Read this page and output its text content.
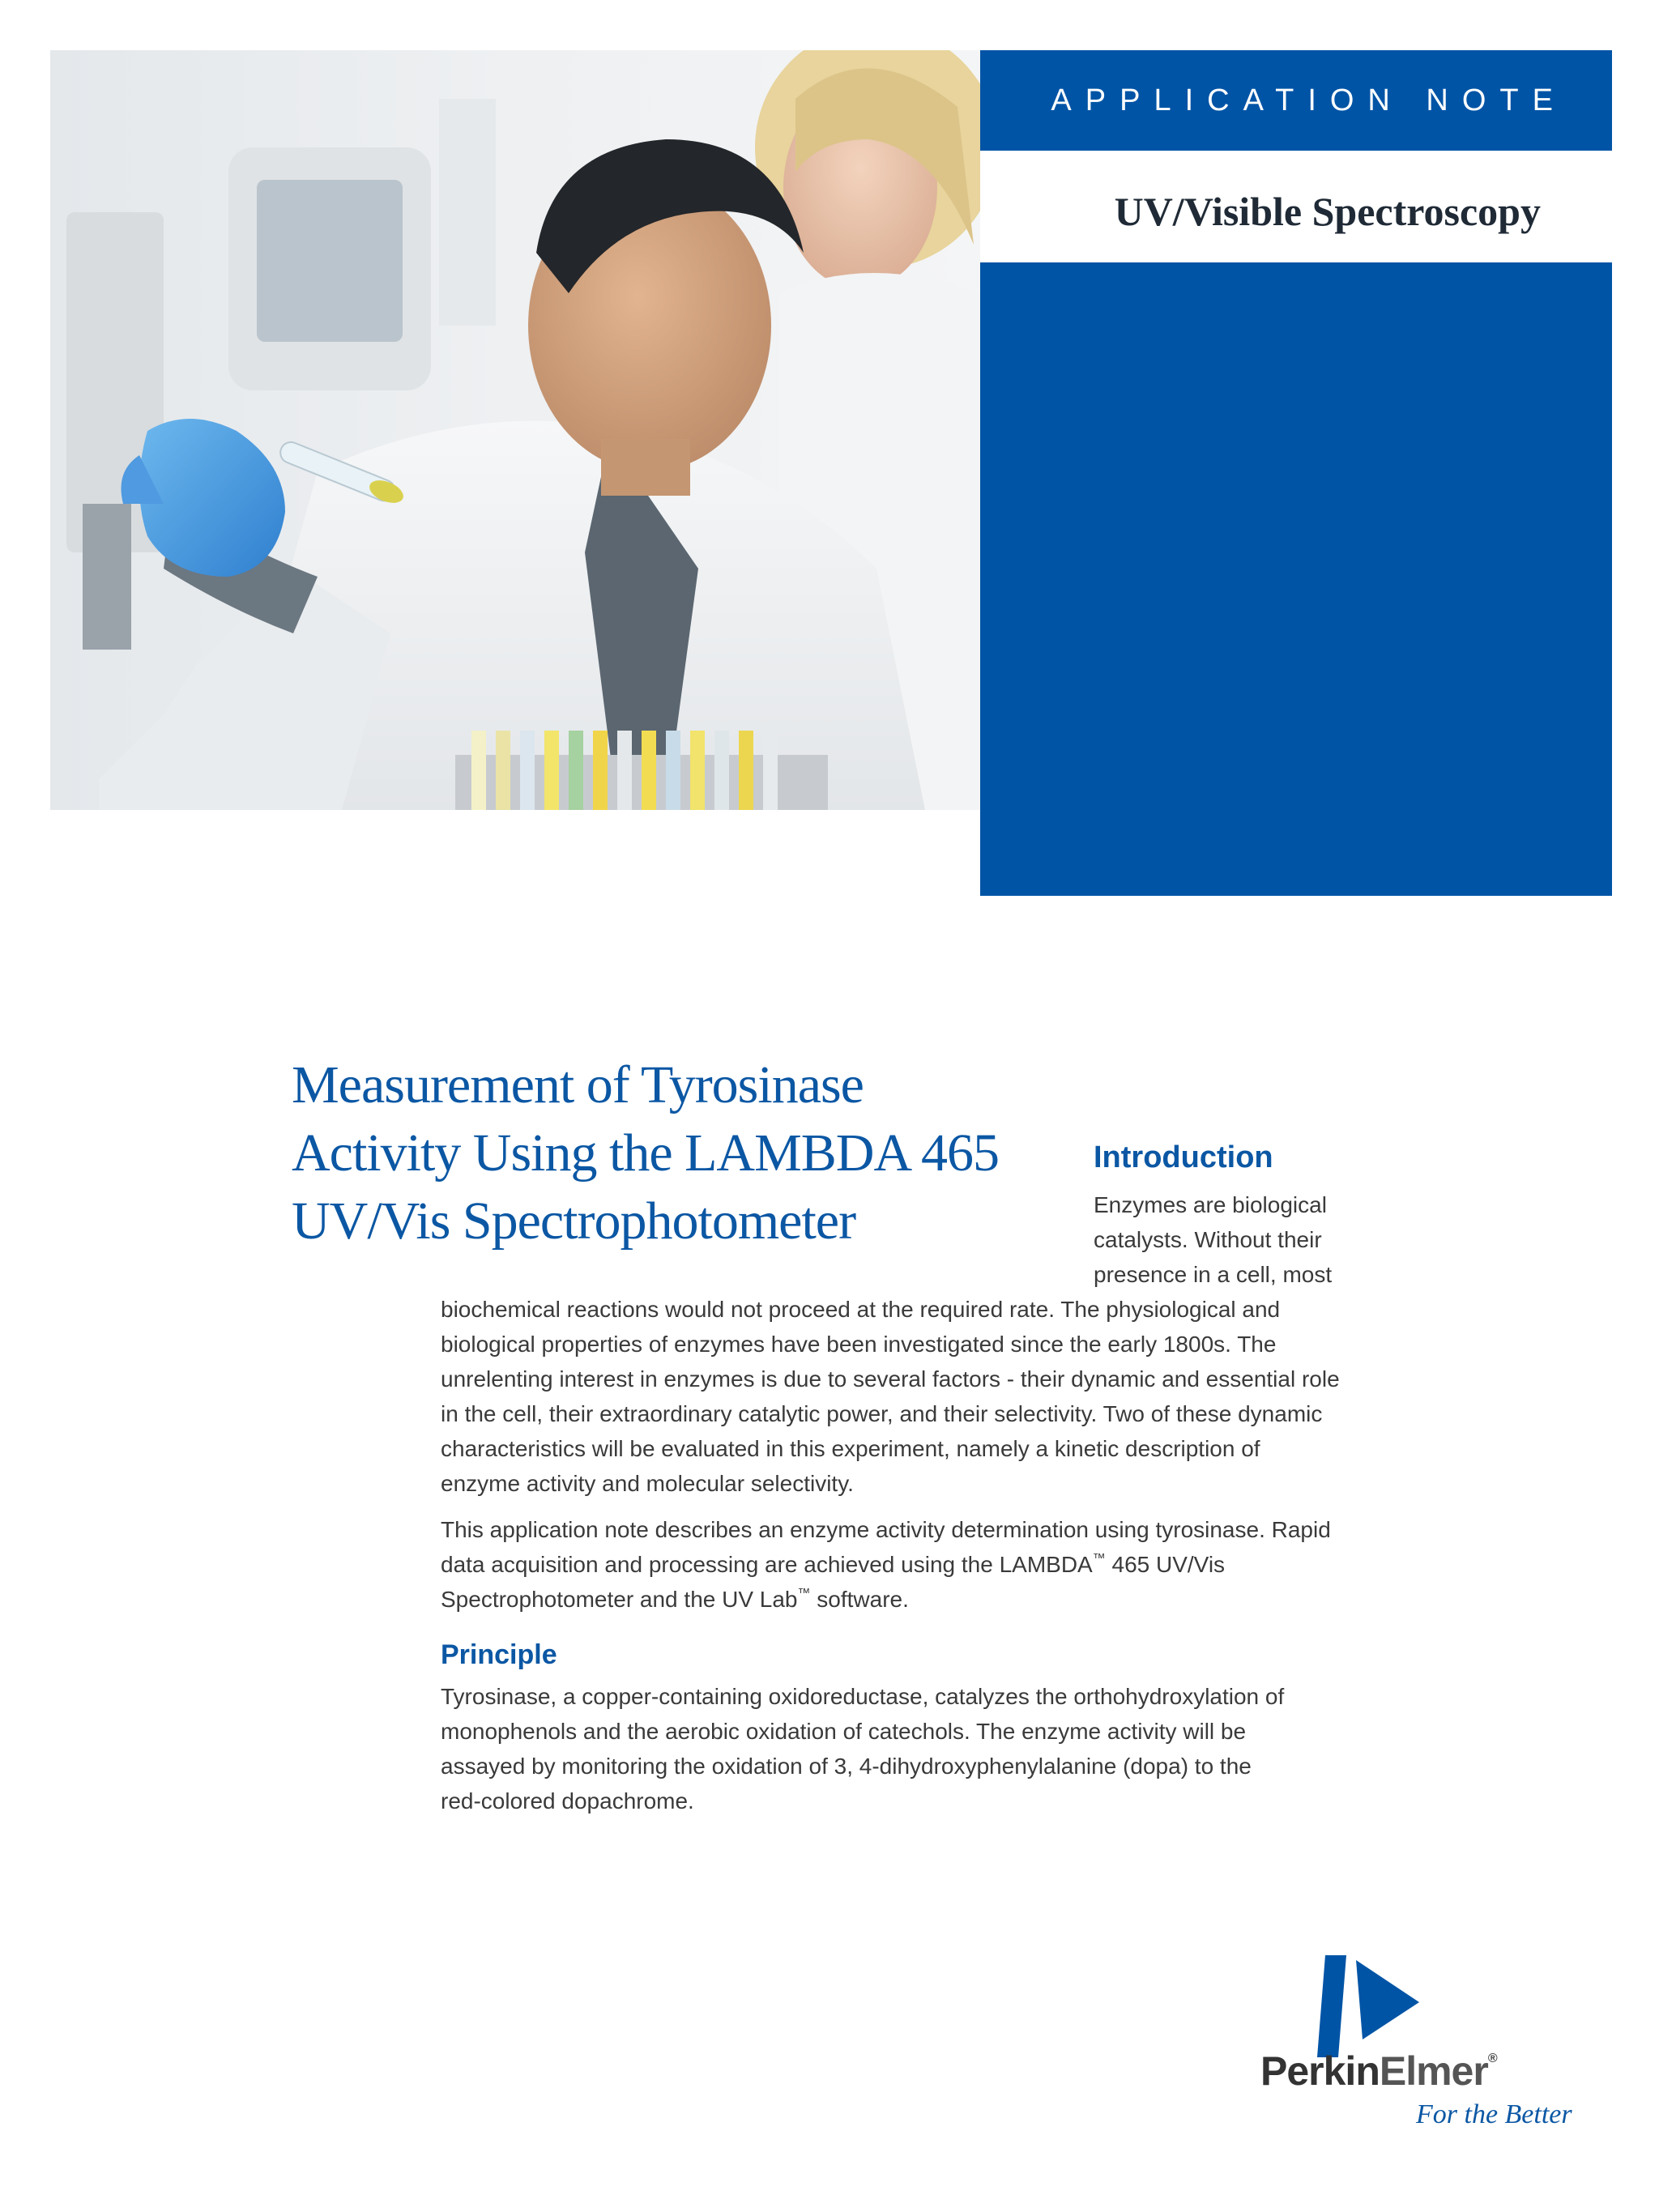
APPLICATION NOTE
UV/Visible Spectroscopy
Measurement of Tyrosinase
Activity Using the LAMBDA 465
UV/Vis Spectrophotometer
Introduction
Enzymes are biological
catalysts. Without their
presence in a cell, most
biochemical reactions would not proceed at the required rate. The physiological and
biological properties of enzymes have been investigated since the early 1800s. The
unrelenting interest in enzymes is due to several factors - their dynamic and essential role
in the cell, their extraordinary catalytic power, and their selectivity. Two of these dynamic
characteristics will be evaluated in this experiment, namely a kinetic description of
enzyme activity and molecular selectivity.
This application note describes an enzyme activity determination using tyrosinase. Rapid
data acquisition and processing are achieved using the LAMBDA™ 465 UV/Vis
Spectrophotometer and the UV Lab™ software.
Principle
Tyrosinase, a copper-containing oxidoreductase, catalyzes the orthohydroxylation of
monophenols and the aerobic oxidation of catechols. The enzyme activity will be
assayed by monitoring the oxidation of 3, 4-dihydroxyphenylalanine (dopa) to the
red-colored dopachrome.
PerkinElmer®
For the Better
